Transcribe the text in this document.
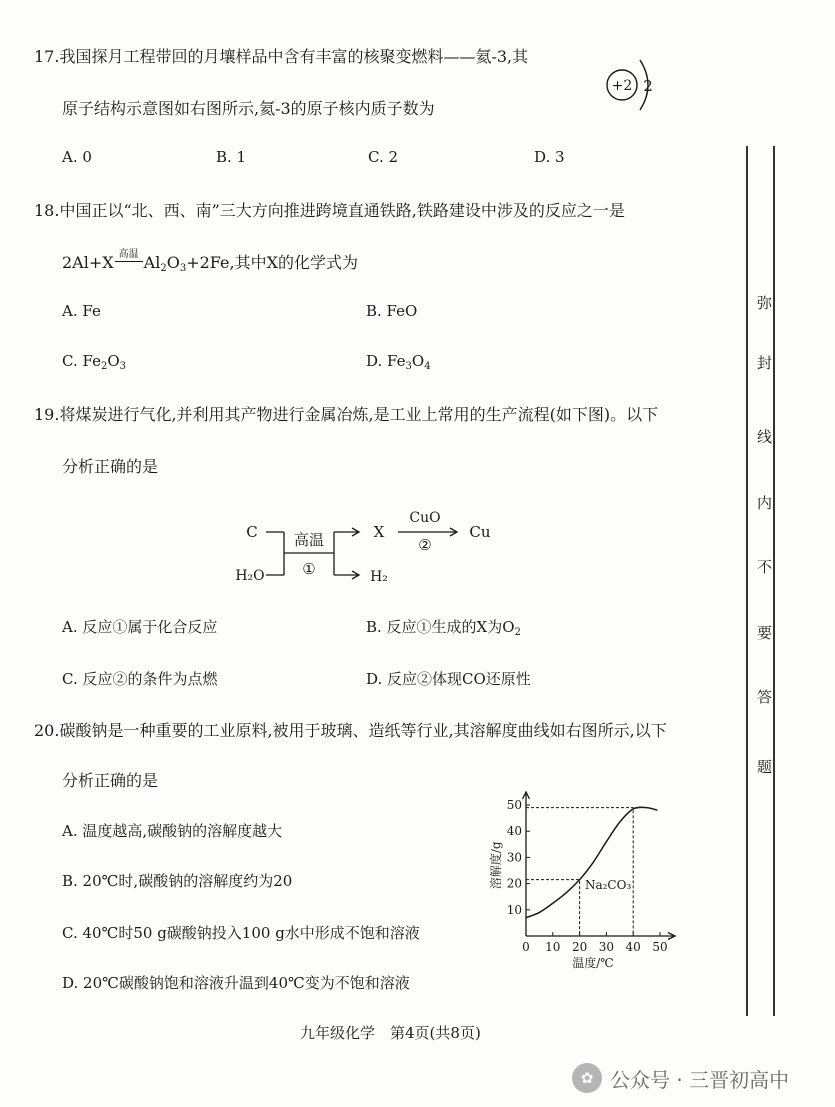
17.我国探月工程带回的月壤样品中含有丰富的核聚变燃料——氦-3,其
原子结构示意图如右图所示,氦-3的原子核内质子数为
+2 2
A. 0	B. 1	C. 2	D. 3
18.中国正以“北、西、南”三大方向推进跨境直通铁路,铁路建设中涉及的反应之一是
2Al+X 高温 $Al_2O_3+2Fe$,其中X的化学式为
A. Fe	B. FeO
C. $Fe_2O_3$	D. $Fe_3O_4$
19.将煤炭进行气化,并利用其产物进行金属冶炼,是工业上常用的生产流程(如下图)。以下
分析正确的是
C
H₂O
高温
①
X
H₂
CuO
②
Cu
A. 反应①属于化合反应	B. 反应①生成的X为$O_2$
C. 反应②的条件为点燃	D. 反应②体现CO还原性
20.碳酸钠是一种重要的工业原料,被用于玻璃、造纸等行业,其溶解度曲线如右图所示,以下
分析正确的是
A. 温度越高,碳酸钠的溶解度越大
B. 20℃时,碳酸钠的溶解度约为20
C. 40℃时50 g碳酸钠投入100 g水中形成不饱和溶液
D. 20℃碳酸钠饱和溶液升温到40℃变为不饱和溶液
0 10 20 30 40 50
10
20
30
40
50
温度/℃
溶解度/g	Na₂CO₃
弥
封
线
内
不
要
答
题
九年级化学　第4页(共8页)
✿ 公众号 · 三晋初高中
